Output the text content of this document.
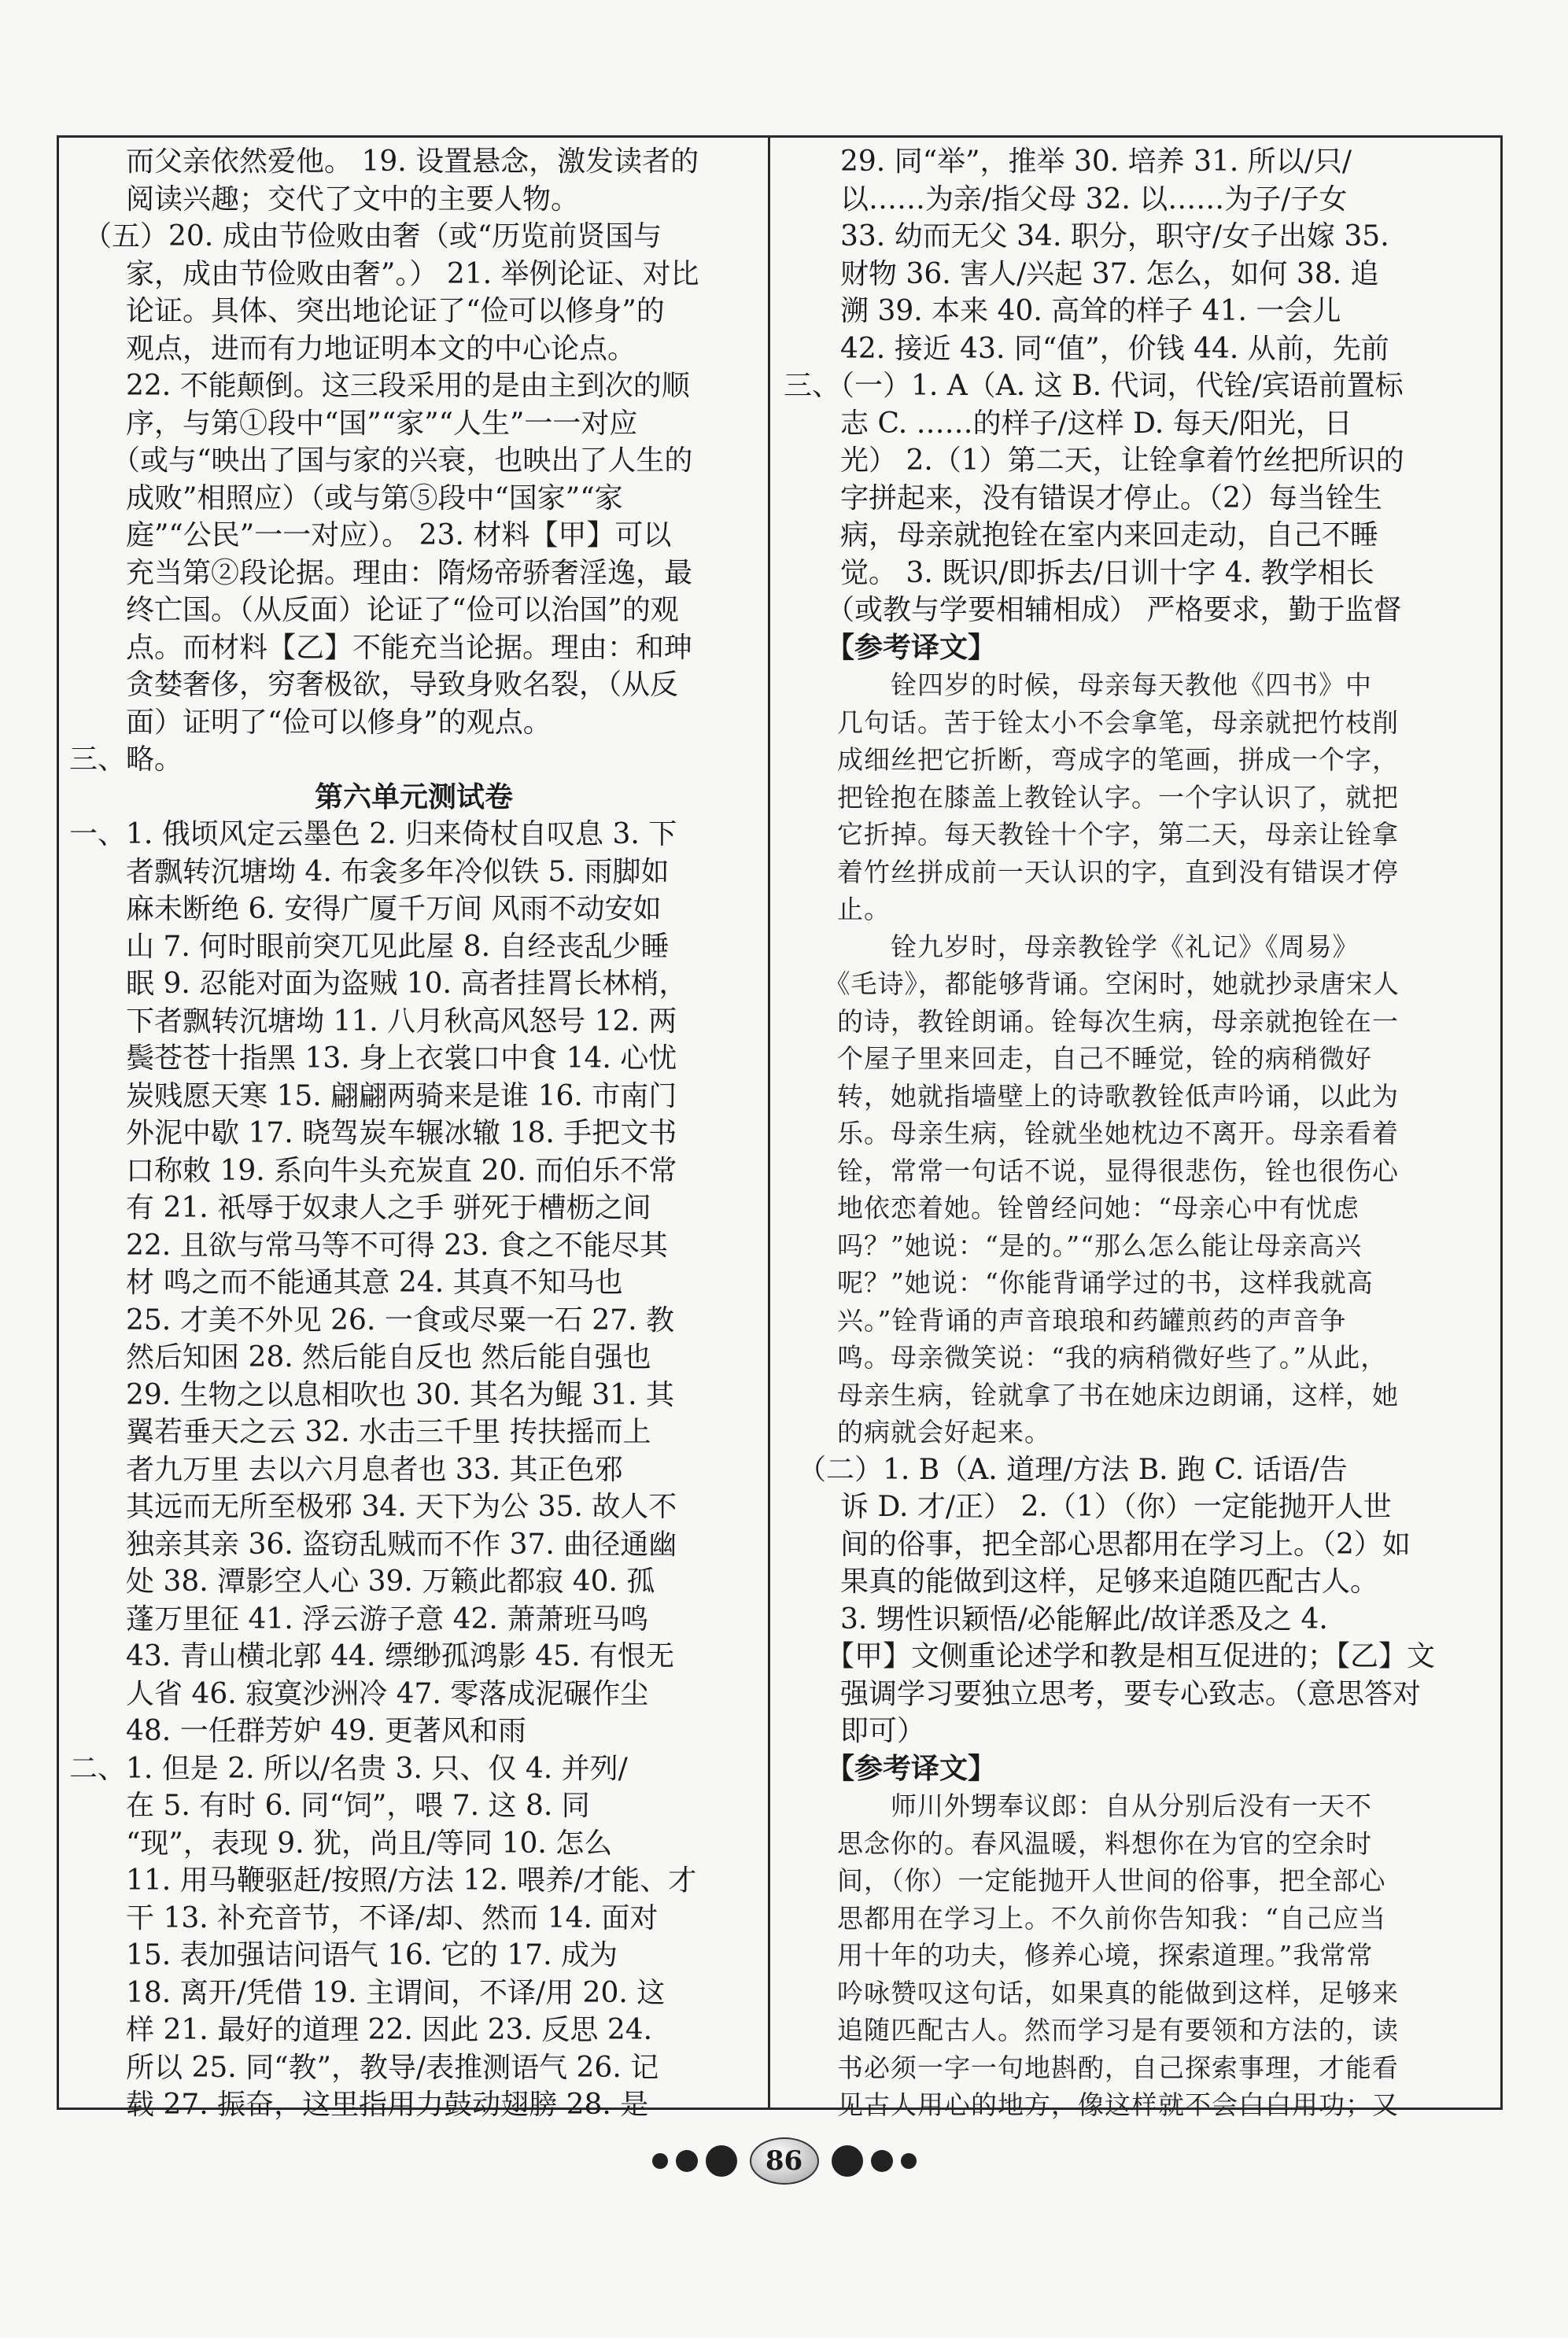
　　而父亲依然爱他。 19. 设置悬念，激发读者的
　　阅读兴趣；交代了文中的主要人物。
　（五）20. 成由节俭败由奢（或“历览前贤国与
　　家，成由节俭败由奢”。） 21. 举例论证、对比
　　论证。具体、突出地论证了“俭可以修身”的
　　观点，进而有力地证明本文的中心论点。
　　22. 不能颠倒。这三段采用的是由主到次的顺
　　序，与第①段中“国”“家”“人生”一一对应
　　（或与“映出了国与家的兴衰，也映出了人生的
　　成败”相照应）（或与第⑤段中“国家”“家
　　庭”“公民”一一对应）。 23. 材料【甲】可以
　　充当第②段论据。理由：隋炀帝骄奢淫逸，最
　　终亡国。（从反面）论证了“俭可以治国”的观
　　点。而材料【乙】不能充当论据。理由：和珅
　　贪婪奢侈，穷奢极欲，导致身败名裂，（从反
　　面）证明了“俭可以修身”的观点。
三、略。
第六单元测试卷
一、1. 俄顷风定云墨色 2. 归来倚杖自叹息 3. 下
　　者飘转沉塘坳 4. 布衾多年冷似铁 5. 雨脚如
　　麻未断绝 6. 安得广厦千万间 风雨不动安如
　　山 7. 何时眼前突兀见此屋 8. 自经丧乱少睡
　　眠 9. 忍能对面为盗贼 10. 高者挂罥长林梢，
　　下者飘转沉塘坳 11. 八月秋高风怒号 12. 两
　　鬓苍苍十指黑 13. 身上衣裳口中食 14. 心忧
　　炭贱愿天寒 15. 翩翩两骑来是谁 16. 市南门
　　外泥中歇 17. 晓驾炭车辗冰辙 18. 手把文书
　　口称敕 19. 系向牛头充炭直 20. 而伯乐不常
　　有 21. 祇辱于奴隶人之手 骈死于槽枥之间
　　22. 且欲与常马等不可得 23. 食之不能尽其
　　材 鸣之而不能通其意 24. 其真不知马也
　　25. 才美不外见 26. 一食或尽粟一石 27. 教
　　然后知困 28. 然后能自反也 然后能自强也
　　29. 生物之以息相吹也 30. 其名为鲲 31. 其
　　翼若垂天之云 32. 水击三千里 抟扶摇而上
　　者九万里 去以六月息者也 33. 其正色邪
　　其远而无所至极邪 34. 天下为公 35. 故人不
　　独亲其亲 36. 盗窃乱贼而不作 37. 曲径通幽
　　处 38. 潭影空人心 39. 万籁此都寂 40. 孤
　　蓬万里征 41. 浮云游子意 42. 萧萧班马鸣
　　43. 青山横北郭 44. 缥缈孤鸿影 45. 有恨无
　　人省 46. 寂寞沙洲冷 47. 零落成泥碾作尘
　　48. 一任群芳妒 49. 更著风和雨
二、1. 但是 2. 所以/名贵 3. 只、仅 4. 并列/
　　在 5. 有时 6. 同“饲”，喂 7. 这 8. 同
　　“现”，表现 9. 犹，尚且/等同 10. 怎么
　　11. 用马鞭驱赶/按照/方法 12. 喂养/才能、才
　　干 13. 补充音节，不译/却、然而 14. 面对
　　15. 表加强诘问语气 16. 它的 17. 成为
　　18. 离开/凭借 19. 主谓间，不译/用 20. 这
　　样 21. 最好的道理 22. 因此 23. 反思 24.
　　所以 25. 同“教”，教导/表推测语气 26. 记
　　载 27. 振奋，这里指用力鼓动翅膀 28. 是
　　29. 同“举”，推举 30. 培养 31. 所以/只/
　　以……为亲/指父母 32. 以……为子/子女
　　33. 幼而无父 34. 职分，职守/女子出嫁 35.
　　财物 36. 害人/兴起 37. 怎么，如何 38. 追
　　溯 39. 本来 40. 高耸的样子 41. 一会儿
　　42. 接近 43. 同“值”，价钱 44. 从前，先前
三、（一）1. A（A. 这 B. 代词，代铨/宾语前置标
　　志 C. ……的样子/这样 D. 每天/阳光，日
　　光） 2.（1）第二天，让铨拿着竹丝把所识的
　　字拼起来，没有错误才停止。（2）每当铨生
　　病，母亲就抱铨在室内来回走动，自己不睡
　　觉。 3. 既识/即拆去/日训十字 4. 教学相长
　　（或教与学要相辅相成） 严格要求，勤于监督
　　【参考译文】
　　　　铨四岁的时候，母亲每天教他《四书》中
　　几句话。苦于铨太小不会拿笔，母亲就把竹枝削
　　成细丝把它折断，弯成字的笔画，拼成一个字，
　　把铨抱在膝盖上教铨认字。一个字认识了，就把
　　它折掉。每天教铨十个字，第二天，母亲让铨拿
　　着竹丝拼成前一天认识的字，直到没有错误才停
　　止。
　　　　铨九岁时，母亲教铨学《礼记》《周易》
　　《毛诗》，都能够背诵。空闲时，她就抄录唐宋人
　　的诗，教铨朗诵。铨每次生病，母亲就抱铨在一
　　个屋子里来回走，自己不睡觉，铨的病稍微好
　　转，她就指墙壁上的诗歌教铨低声吟诵，以此为
　　乐。母亲生病，铨就坐她枕边不离开。母亲看着
　　铨，常常一句话不说，显得很悲伤，铨也很伤心
　　地依恋着她。铨曾经问她：“母亲心中有忧虑
　　吗？”她说：“是的。”“那么怎么能让母亲高兴
　　呢？”她说：“你能背诵学过的书，这样我就高
　　兴。”铨背诵的声音琅琅和药罐煎药的声音争
　　鸣。母亲微笑说：“我的病稍微好些了。”从此，
　　母亲生病，铨就拿了书在她床边朗诵，这样，她
　　的病就会好起来。
　（二）1. B（A. 道理/方法 B. 跑 C. 话语/告
　　诉 D. 才/正） 2.（1）（你）一定能抛开人世
　　间的俗事，把全部心思都用在学习上。（2）如
　　果真的能做到这样，足够来追随匹配古人。
　　3. 甥性识颖悟/必能解此/故详悉及之 4.
　　【甲】文侧重论述学和教是相互促进的；【乙】文
　　强调学习要独立思考，要专心致志。（意思答对
　　即可）
　　【参考译文】
　　　　师川外甥奉议郎：自从分别后没有一天不
　　思念你的。春风温暖，料想你在为官的空余时
　　间，（你）一定能抛开人世间的俗事，把全部心
　　思都用在学习上。不久前你告知我：“自己应当
　　用十年的功夫，修养心境，探索道理。”我常常
　　吟咏赞叹这句话，如果真的能做到这样，足够来
　　追随匹配古人。然而学习是有要领和方法的，读
　　书必须一字一句地斟酌，自己探索事理，才能看
　　见古人用心的地方，像这样就不会白白用功；又
86
